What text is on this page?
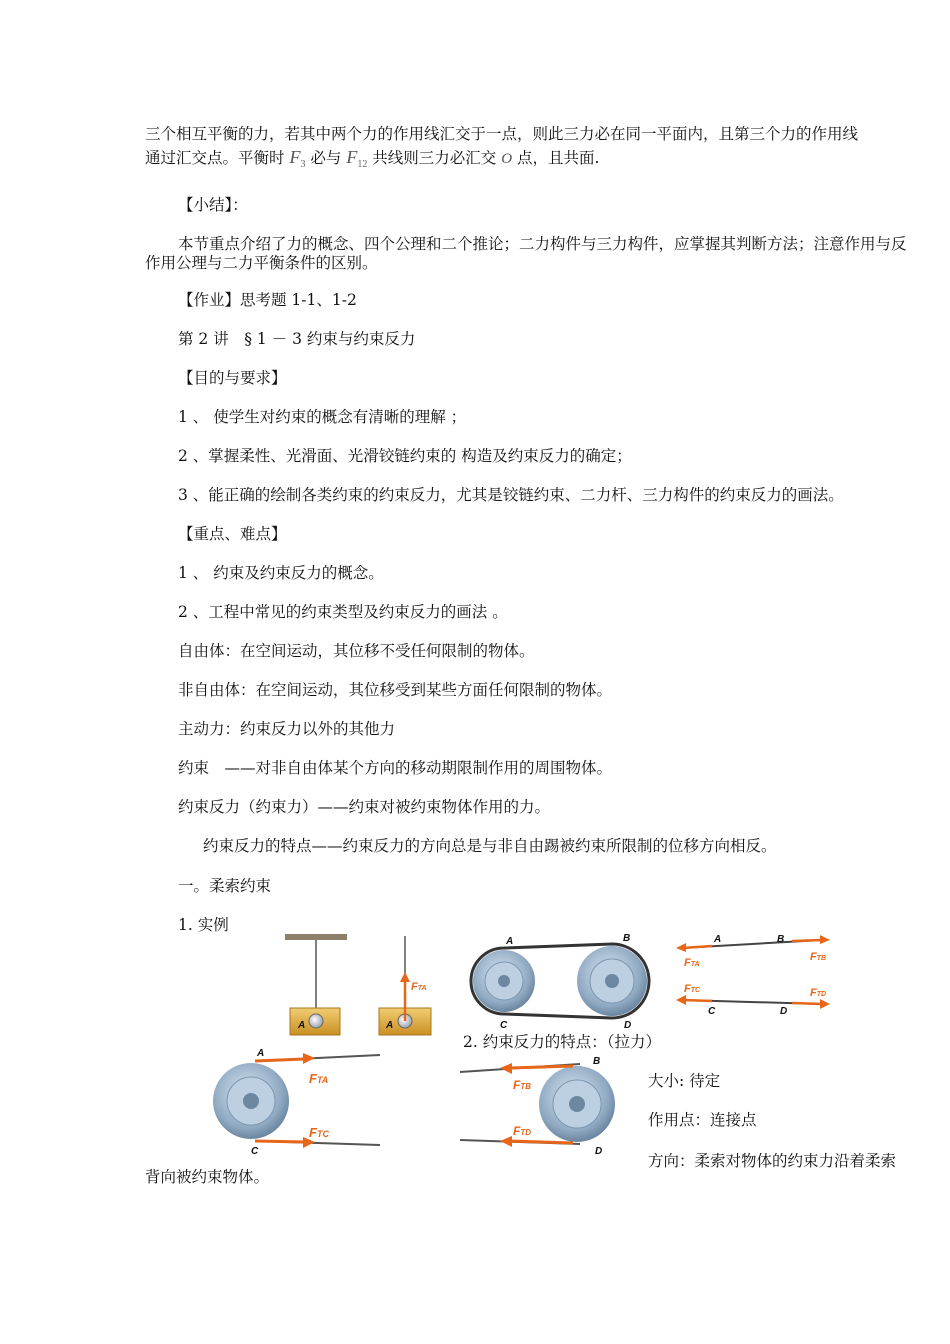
三个相互平衡的力，若其中两个力的作用线汇交于一点，则此三力必在同一平面内，且第三个力的作用线
通过汇交点。平衡时 $F_3$ 必与 $F_{12}$ 共线则三力必汇交 O 点，且共面.
【小结】：
本节重点介绍了力的概念、四个公理和二个推论；二力构件与三力构件，应掌握其判断方法；注意作用与反作用公理与二力平衡条件的区别。
【作业】思考题 1-1、1-2
第 2 讲　§ 1 － 3 约束与约束反力
【目的与要求】
1 、 使学生对约束的概念有清晰的理解 ；
2 、掌握柔性、光滑面、光滑铰链约束的 构造及约束反力的确定；
3 、能正确的绘制各类约束的约束反力，尤其是铰链约束、二力杆、三力构件的约束反力的画法。
【重点、难点】
1 、 约束及约束反力的概念。
2 、工程中常见的约束类型及约束反力的画法 。
自由体：在空间运动，其位移不受任何限制的物体。
非自由体：在空间运动，其位移受到某些方面任何限制的物体。
主动力：约束反力以外的其他力
约束　——对非自由体某个方向的移动期限制作用的周围物体。
约束反力（约束力）——约束对被约束物体作用的力。
约束反力的特点——约束反力的方向总是与非自由踢被约束所限制的位移方向相反。
一。柔索约束
1. 实例
2. 约束反力的特点：（拉力）
大小: 待定
作用点：连接点
方向：柔索对物体的约束力沿着柔索
背向被约束物体。
A	A
FTA
A	B
C	D
A	B
FTA
FTB
FTC	FTD
C	D
A
C
FTA
FTC
B
D
FTB
FTD
